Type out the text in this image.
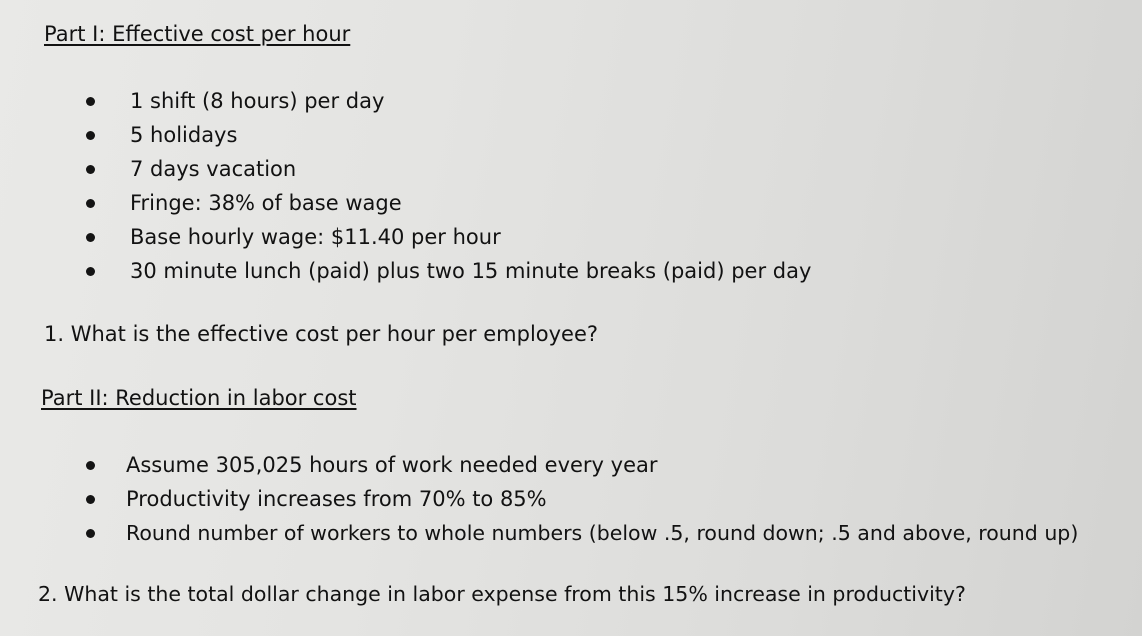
Part I: Effective cost per hour
1 shift (8 hours) per day
5 holidays
7 days vacation
Fringe: 38% of base wage
Base hourly wage: $11.40 per hour
30 minute lunch (paid) plus two 15 minute breaks (paid) per day
1. What is the effective cost per hour per employee?
Part II: Reduction in labor cost
Assume 305,025 hours of work needed every year
Productivity increases from 70% to 85%
Round number of workers to whole numbers (below .5, round down; .5 and above, round up)
2. What is the total dollar change in labor expense from this 15% increase in productivity?
